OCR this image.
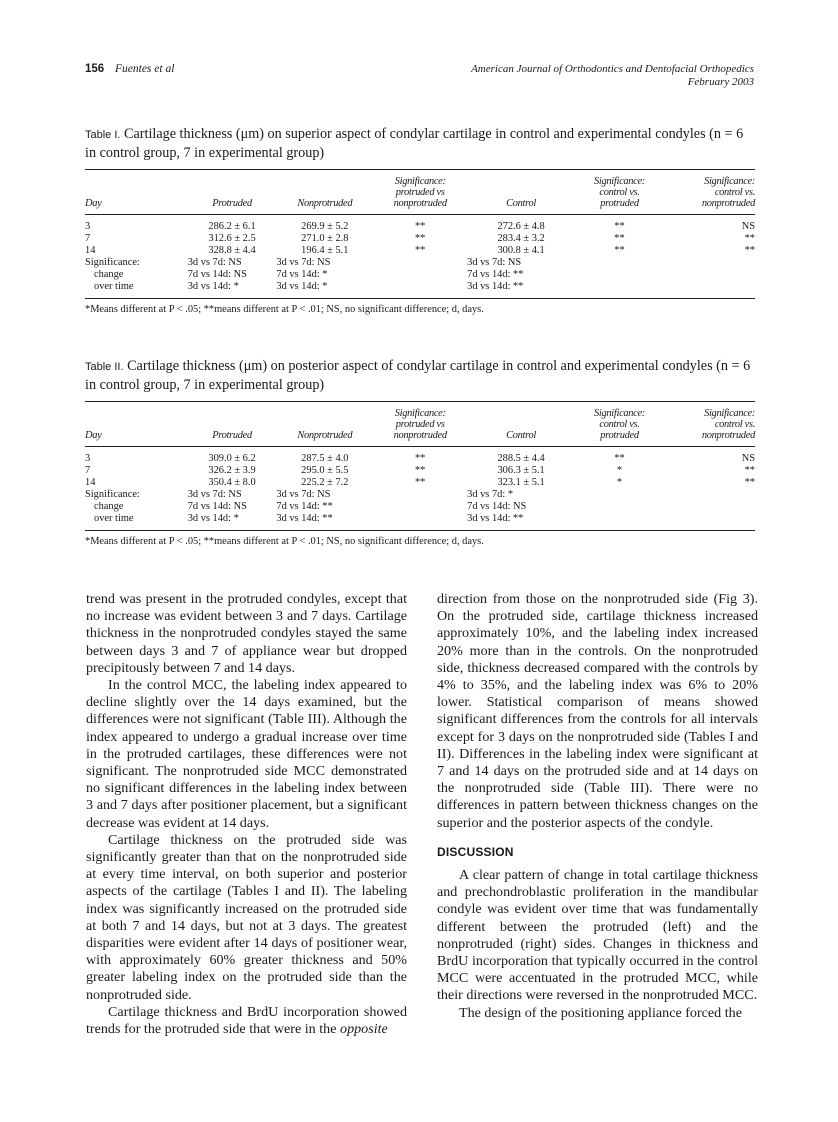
156 Fuentes et al	American Journal of Orthodontics and Dentofacial Orthopedics
February 2003

Table I. Cartilage thickness (μm) on superior aspect of condylar cartilage in control and experimental condyles (n = 6 in control group, 7 in experimental group)

Day	Protruded	Nonprotruded	Significance:
protruded vs
nonprotruded	Control	Significance:
control vs.
protruded	Significance:
control vs.
nonprotruded
3	286.2 ± 6.1	269.9 ± 5.2	**	272.6 ± 4.8	**	NS
7	312.6 ± 2.5	271.0 ± 2.8	**	283.4 ± 3.2	**	**
14	328.8 ± 4.4	196.4 ± 5.1	**	300.8 ± 4.1	**	**
Significance:	3d vs 7d: NS	3d vs 7d: NS		3d vs 7d: NS		
change	7d vs 14d: NS	7d vs 14d: *		7d vs 14d: **		
over time	3d vs 14d: *	3d vs 14d: *		3d vs 14d: **		
*Means different at P < .05; **means different at P < .01; NS, no significant difference; d, days.

Table II. Cartilage thickness (μm) on posterior aspect of condylar cartilage in control and experimental condyles (n = 6 in control group, 7 in experimental group)

Day	Protruded	Nonprotruded	Significance:
protruded vs
nonprotruded	Control	Significance:
control vs.
protruded	Significance:
control vs.
nonprotruded
3	309.0 ± 6.2	287.5 ± 4.0	**	288.5 ± 4.4	**	NS
7	326.2 ± 3.9	295.0 ± 5.5	**	306.3 ± 5.1	*	**
14	350.4 ± 8.0	225.2 ± 7.2	**	323.1 ± 5.1	*	**
Significance:	3d vs 7d: NS	3d vs 7d: NS		3d vs 7d: *		
change	7d vs 14d: NS	7d vs 14d: **		7d vs 14d: NS		
over time	3d vs 14d: *	3d vs 14d: **		3d vs 14d: **		
*Means different at P < .05; **means different at P < .01; NS, no significant difference; d, days.

trend was present in the protruded condyles, except that no increase was evident between 3 and 7 days. Cartilage thickness in the nonprotruded condyles stayed the same between days 3 and 7 of appliance wear but dropped precipitously between 7 and 14 days.

In the control MCC, the labeling index appeared to decline slightly over the 14 days examined, but the differences were not significant (Table III). Although the index appeared to undergo a gradual increase over time in the protruded cartilages, these differences were not significant. The nonprotruded side MCC demonstrated no significant differences in the labeling index between 3 and 7 days after positioner placement, but a significant decrease was evident at 14 days.

Cartilage thickness on the protruded side was significantly greater than that on the nonprotruded side at every time interval, on both superior and posterior aspects of the cartilage (Tables I and II). The labeling index was significantly increased on the protruded side at both 7 and 14 days, but not at 3 days. The greatest disparities were evident after 14 days of positioner wear, with approximately 60% greater thickness and 50% greater labeling index on the protruded side than the nonprotruded side.

Cartilage thickness and BrdU incorporation showed trends for the protruded side that were in the opposite

direction from those on the nonprotruded side (Fig 3). On the protruded side, cartilage thickness increased approximately 10%, and the labeling index increased 20% more than in the controls. On the nonprotruded side, thickness decreased compared with the controls by 4% to 35%, and the labeling index was 6% to 20% lower. Statistical comparison of means showed significant differences from the controls for all intervals except for 3 days on the nonprotruded side (Tables I and II). Differences in the labeling index were significant at 7 and 14 days on the protruded side and at 14 days on the nonprotruded side (Table III). There were no differences in pattern between thickness changes on the superior and the posterior aspects of the condyle.

DISCUSSION

A clear pattern of change in total cartilage thickness and prechondroblastic proliferation in the mandibular condyle was evident over time that was fundamentally different between the protruded (left) and the nonprotruded (right) sides. Changes in thickness and BrdU incorporation that typically occurred in the control MCC were accentuated in the protruded MCC, while their directions were reversed in the nonprotruded MCC.

The design of the positioning appliance forced the
